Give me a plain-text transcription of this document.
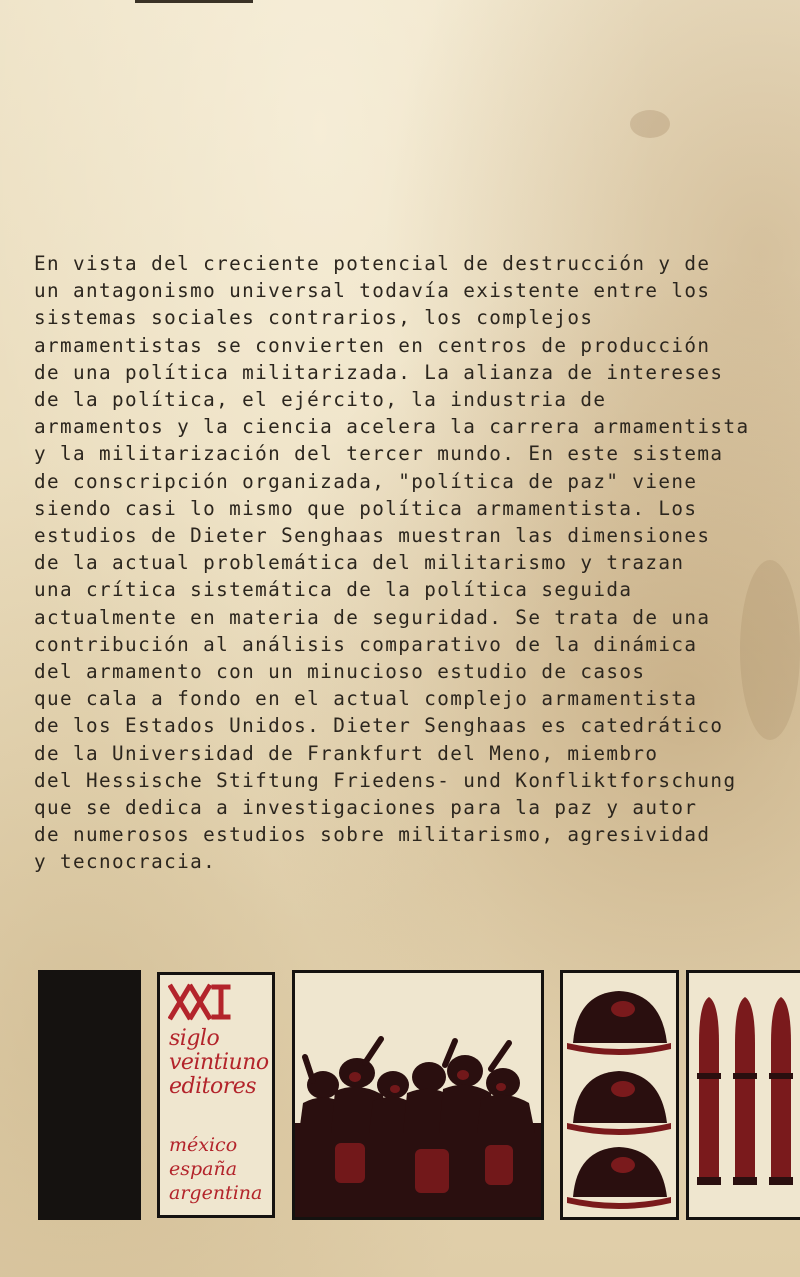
En vista del creciente potencial de destrucción y de
un antagonismo universal todavía existente entre los
sistemas sociales contrarios, los complejos
armamentistas se convierten en centros de producción
de una política militarizada. La alianza de intereses
de la política, el ejército, la industria de
armamentos y la ciencia acelera la carrera armamentista
y la militarización del tercer mundo. En este sistema
de conscripción organizada, "política de paz" viene
siendo casi lo mismo que política armamentista. Los
estudios de Dieter Senghaas muestran las dimensiones
de la actual problemática del militarismo y trazan
una crítica sistemática de la política seguida
actualmente en materia de seguridad. Se trata de una
contribución al análisis comparativo de la dinámica
del armamento con un minucioso estudio de casos
que cala a fondo en el actual complejo armamentista
de los Estados Unidos. Dieter Senghaas es catedrático
de la Universidad de Frankfurt del Meno, miembro
del Hessische Stiftung Friedens- und Konfliktforschung
que se dedica a investigaciones para la paz y autor
de numerosos estudios sobre militarismo, agresividad
y tecnocracia.
siglo
veintiuno
editores
méxico
españa
argentina
